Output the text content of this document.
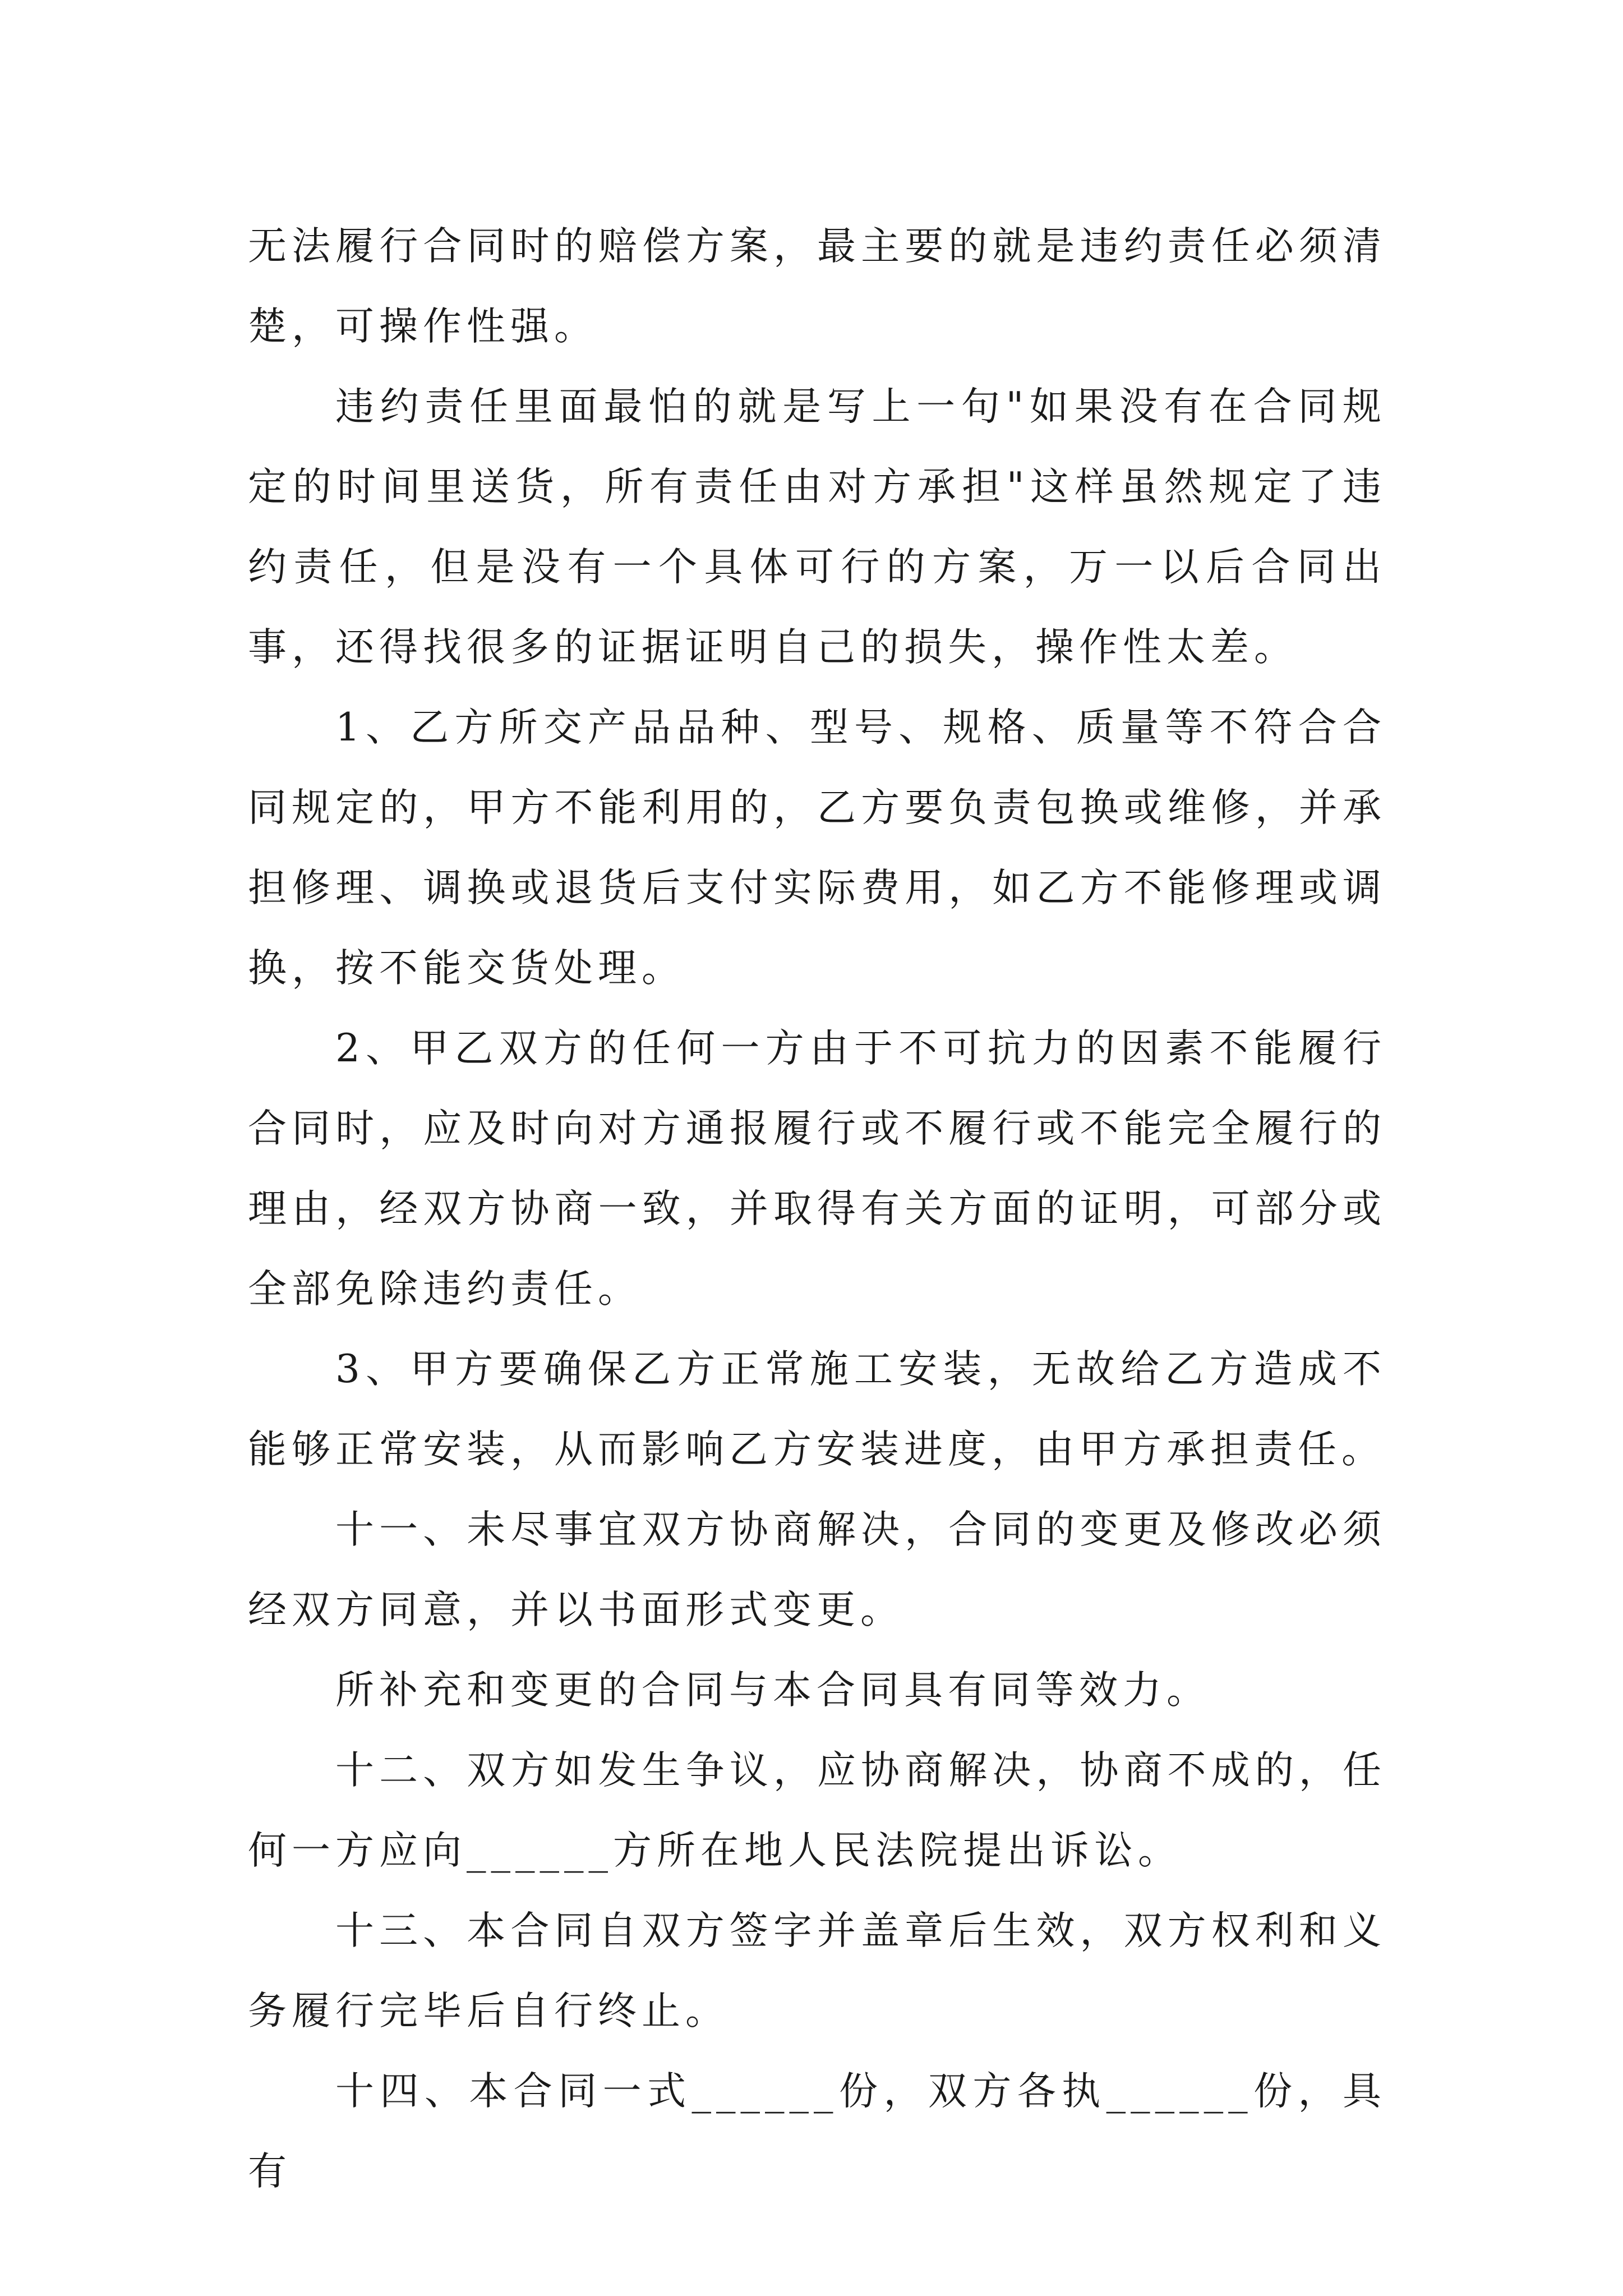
无法履行合同时的赔偿方案，最主要的就是违约责任必须清楚，可操作性强。

违约责任里面最怕的就是写上一句"如果没有在合同规定的时间里送货，所有责任由对方承担"这样虽然规定了违约责任，但是没有一个具体可行的方案，万一以后合同出事，还得找很多的证据证明自己的损失，操作性太差。

1、乙方所交产品品种、型号、规格、质量等不符合合同规定的，甲方不能利用的，乙方要负责包换或维修，并承担修理、调换或退货后支付实际费用，如乙方不能修理或调换，按不能交货处理。

2、甲乙双方的任何一方由于不可抗力的因素不能履行合同时，应及时向对方通报履行或不履行或不能完全履行的理由，经双方协商一致，并取得有关方面的证明，可部分或全部免除违约责任。

3、甲方要确保乙方正常施工安装，无故给乙方造成不能够正常安装，从而影响乙方安装进度，由甲方承担责任。

十一、未尽事宜双方协商解决，合同的变更及修改必须经双方同意，并以书面形式变更。

所补充和变更的合同与本合同具有同等效力。

十二、双方如发生争议，应协商解决，协商不成的，任何一方应向______方所在地人民法院提出诉讼。

十三、本合同自双方签字并盖章后生效，双方权利和义务履行完毕后自行终止。

十四、本合同一式______份，双方各执______份，具有
